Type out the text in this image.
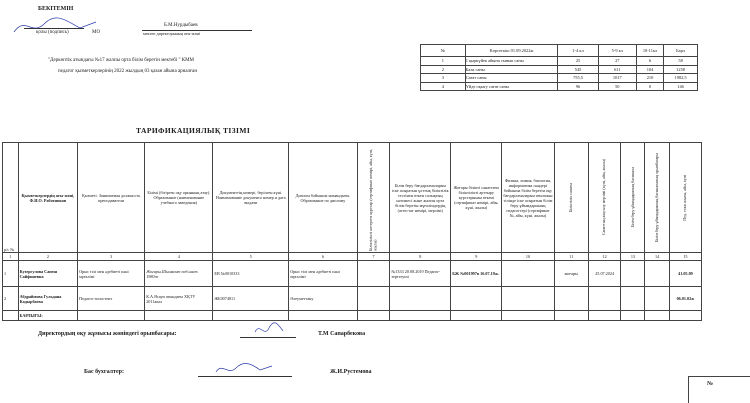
БЕКІТЕМІН
қолы (подпись)	МО
Б.М.Нурдыбаев
мектеп директорының аты-жөні
"Деркөптік атындағы №17 жалпы орта білім беретін мектебі " КММ
педагог қызметкерлерінің 2022 жылдың 03 қазан айына арналған
ТАРИФИКАЦИЯЛЫҚ ТІЗІМІ
№	Көрсеткіш 01.09.2022ж	1-4 кл	5-9 кл	10-11кл	Барл
1	1 қыркүйек айына сынып саны	25	27	6	58
2	Бала саны	545	611	104	1258
3	Сағат саны	755,5	1017	210	1982,5
4	Үйде оқыту сағат саны	96	50	0	146
р/с №	Қызметкерлердің аты-жөні, Ф.И.О. Работников	Қызметі. Занимаемая должность преподаватели	Білімі (бітірген оқу орынның атау). Образование (наименование учебного заведения)	Документтің нөмері, берілген күні. Наименование документа номер и дата выдачи	Диплом бойынша мамандығы. Образование по диплому	Біліктілікті көтерген курстар (сертификат нөмірі, айы, күні, жылы)	Білім беру бағдарламаларын іске асыратын ұлттық біліктілік тестінен өткен салықтың нәтижесі және жалпы орта білім беретін мұғалімдердің (аттестат нөмірі, мерзімі)	Жоғары білікті санаттағы біліктілікті арттыру курстарынан өткені (сертификат нөмірі, айы, күні, жылы)	Физика, химия, биология, информатика пәндері бойынша білім беретін оқу бағдарламаларын ағылшын тілінде іске асыратын білім беру ұйымдарының педагогтері (сертификат №, айы, күні, жылы)	Біліктілік санаты	Санаттың аяқталу мерзімі (күні, айы, жылы)	Білім беру ұйымдарының басшысы	Білім беру ұйымдарының басшысының орынбасары	Пед. стаж жылы, айы, күні

1	2	3	4	5	6	7	8	9	10	11	12	13	14	15
1	Кузергулова Сапеш Сайфииевна	Орыс тілі мен әдебиеті пәні мұғалімі	Жоғары.Шымкент пед.инст. 1980ж	ЕВ №0010333	Орыс тілі мен әдебиеті пәні мұғалімі		№1333 20.08.2019 Педагог-зерттеуші	БЖ №001997в 16.07.19ж.		жоғары	25.07.2024			41.05.09
2	Абдраймова Гульдана Кадырбаева	Педагог-ассистент	К.А.Ясауи атындағы ХҚТУ 2011жыл	ЖБ0074811	Әлеуметтану									06.01.02ж
	БАРЛЫҒЫ:													
Директордың оқу жұмысы жөніндегі орынбасары:	Т.М Сапарбекова
Бас бухгалтер:	Ж.И.Рустемова
№
